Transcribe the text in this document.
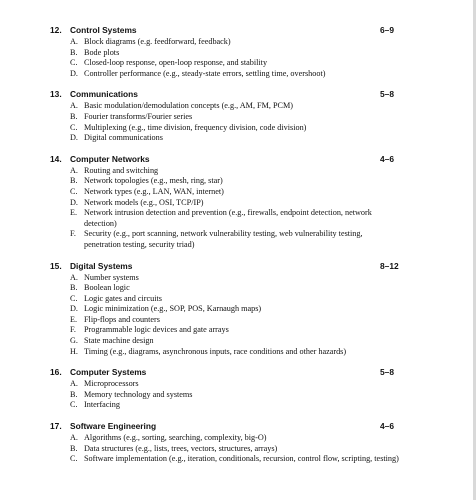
12. Control Systems	6–9
A. Block diagrams (e.g. feedforward, feedback)
B. Bode plots
C. Closed-loop response, open-loop response, and stability
D. Controller performance (e.g., steady-state errors, settling time, overshoot)
13. Communications	5–8
A. Basic modulation/demodulation concepts (e.g., AM, FM, PCM)
B. Fourier transforms/Fourier series
C. Multiplexing (e.g., time division, frequency division, code division)
D. Digital communications
14. Computer Networks	4–6
A. Routing and switching
B. Network topologies (e.g., mesh, ring, star)
C. Network types (e.g., LAN, WAN, internet)
D. Network models (e.g., OSI, TCP/IP)
E. Network intrusion detection and prevention (e.g., firewalls, endpoint detection, network detection)
F. Security (e.g., port scanning, network vulnerability testing, web vulnerability testing, penetration testing, security triad)
15. Digital Systems	8–12
A. Number systems
B. Boolean logic
C. Logic gates and circuits
D. Logic minimization (e.g., SOP, POS, Karnaugh maps)
E. Flip-flops and counters
F. Programmable logic devices and gate arrays
G. State machine design
H. Timing (e.g., diagrams, asynchronous inputs, race conditions and other hazards)
16. Computer Systems	5–8
A. Microprocessors
B. Memory technology and systems
C. Interfacing
17. Software Engineering	4–6
A. Algorithms (e.g., sorting, searching, complexity, big-O)
B. Data structures (e.g., lists, trees, vectors, structures, arrays)
C. Software implementation (e.g., iteration, conditionals, recursion, control flow, scripting, testing)
